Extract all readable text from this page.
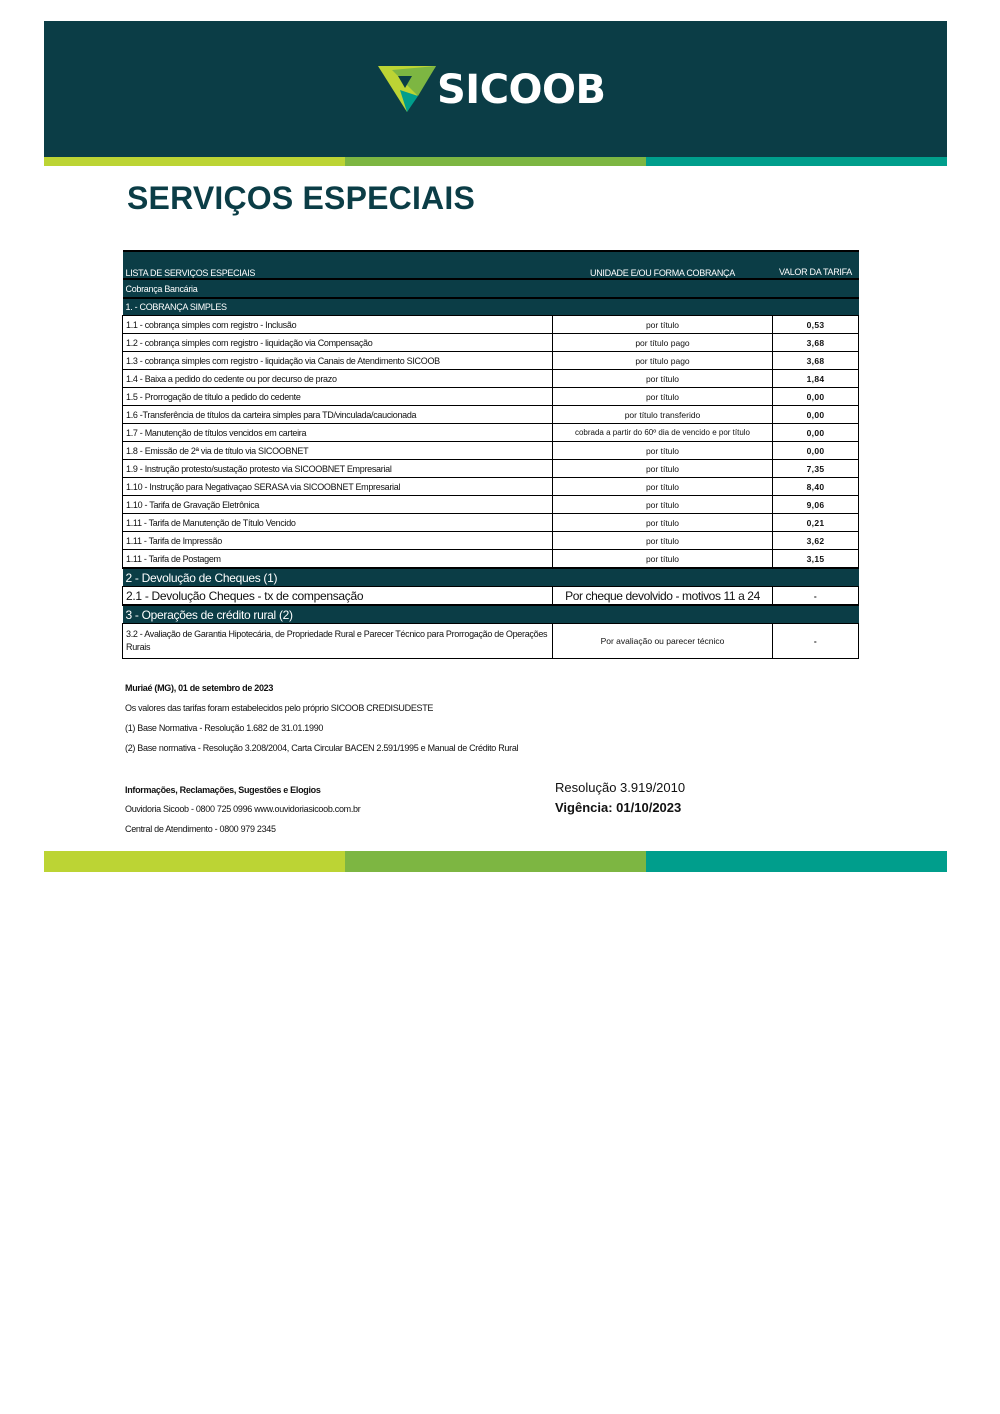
SICOOB
SERVIÇOS ESPECIAIS
LISTA DE SERVIÇOS ESPECIAIS	UNIDADE E/OU FORMA COBRANÇA	VALOR DA TARIFA
Cobrança Bancária		
1. - COBRANÇA SIMPLES		
1.1 - cobrança simples com registro - Inclusão	por título	0,53
1.2 - cobrança simples com registro - liquidação via Compensação	por título pago	3,68
1.3 - cobrança simples com registro - liquidação via Canais de Atendimento SICOOB	por título pago	3,68
1.4 - Baixa a pedido do cedente ou por decurso de prazo	por título	1,84
1.5 - Prorrogação de título a pedido do cedente	por título	0,00
1.6 -Transferência de títulos da carteira simples para TD/vinculada/caucionada	por título transferido	0,00
1.7 - Manutenção de títulos vencidos em carteira	cobrada a partir do 60º dia de vencido e por título	0,00
1.8 - Emissão de 2ª via de título via SICOOBNET	por título	0,00
1.9 - Instrução protesto/sustação protesto via SICOOBNET Empresarial	por título	7,35
1.10 - Instrução para Negativaçao SERASA via SICOOBNET Empresarial	por título	8,40
1.10 - Tarifa de Gravação Eletrônica	por título	9,06
1.11 - Tarifa de Manutenção de Título Vencido	por título	0,21
1.11 - Tarifa de Impressão	por título	3,62
1.11 - Tarifa de Postagem	por título	3,15
2 - Devolução de Cheques (1)		
2.1 - Devolução Cheques - tx de compensação	Por cheque devolvido - motivos 11 a 24	-
3 - Operações de crédito rural (2)		
3.2 - Avaliação de Garantia Hipotecária, de Propriedade Rural e Parecer Técnico para Prorrogação de Operações Rurais	Por avaliação ou parecer técnico	-
Muriaé (MG), 01 de setembro de 2023
Os valores das tarifas foram estabelecidos pelo próprio SICOOB CREDISUDESTE
(1) Base Normativa - Resolução 1.682 de 31.01.1990
(2) Base normativa - Resolução 3.208/2004, Carta Circular BACEN 2.591/1995 e Manual de Crédito Rural
Informações, Reclamações, Sugestões e Elogios
Ouvidoria Sicoob - 0800 725 0996 www.ouvidoriasicoob.com.br
Central de Atendimento - 0800 979 2345
Resolução 3.919/2010
Vigência: 01/10/2023
